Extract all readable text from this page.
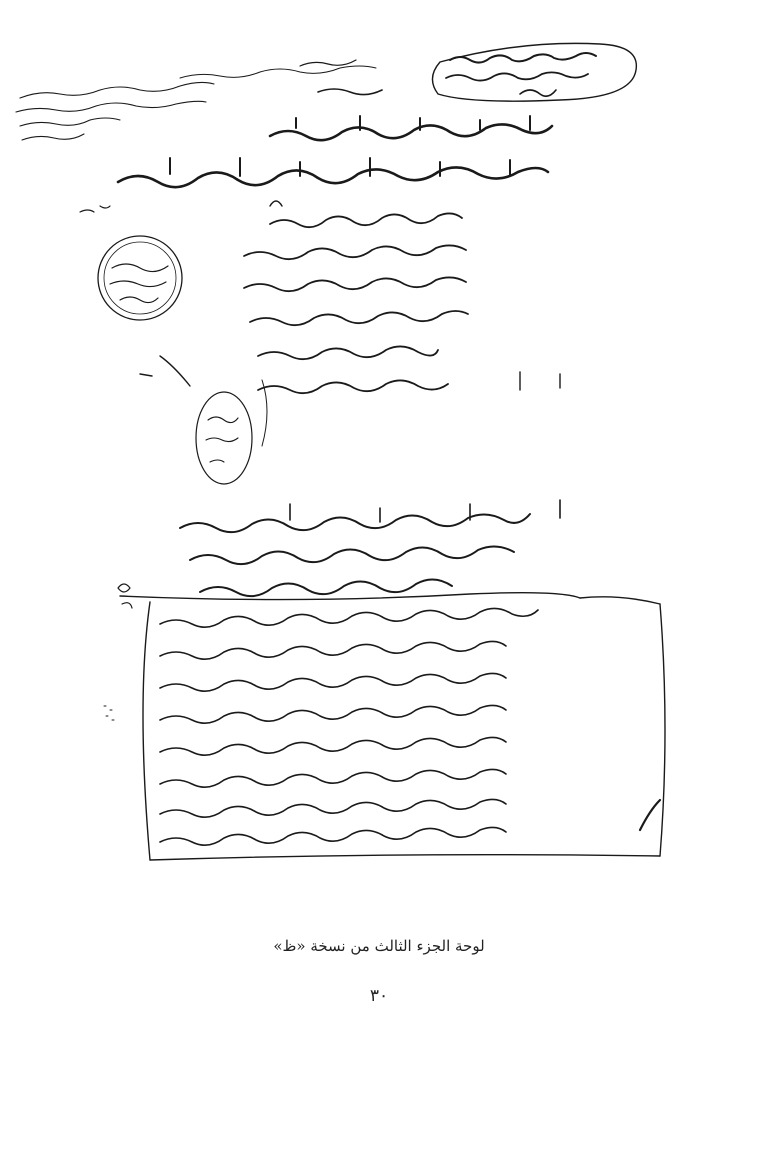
لوحة الجزء الثالث من نسخة «ظ»
٣٠
